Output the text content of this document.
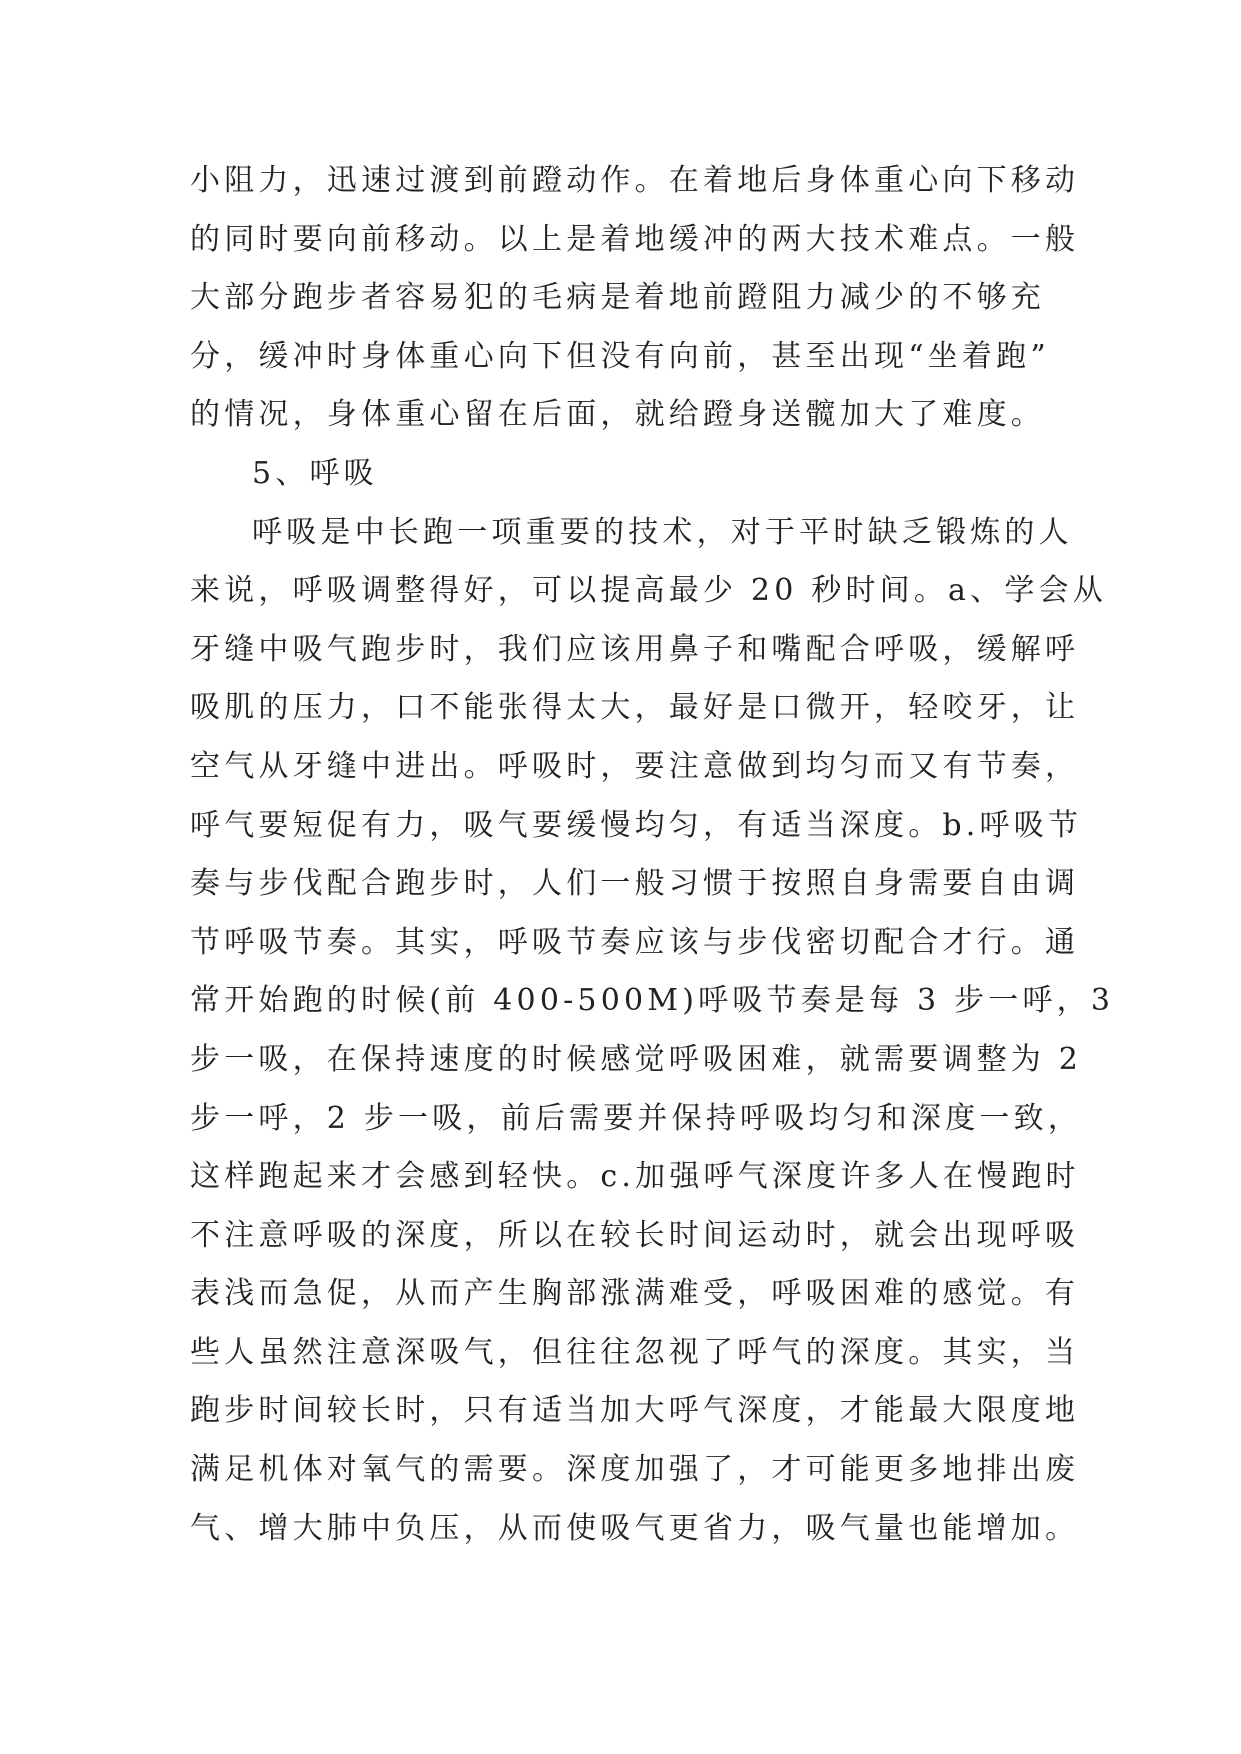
小阻力，迅速过渡到前蹬动作。在着地后身体重心向下移动
的同时要向前移动。以上是着地缓冲的两大技术难点。一般
大部分跑步者容易犯的毛病是着地前蹬阻力减少的不够充
分，缓冲时身体重心向下但没有向前，甚至出现“坐着跑”
的情况，身体重心留在后面，就给蹬身送髋加大了难度。
5、呼吸
呼吸是中长跑一项重要的技术，对于平时缺乏锻炼的人
来说，呼吸调整得好，可以提高最少 20 秒时间。a、学会从
牙缝中吸气跑步时，我们应该用鼻子和嘴配合呼吸，缓解呼
吸肌的压力，口不能张得太大，最好是口微开，轻咬牙，让
空气从牙缝中进出。呼吸时，要注意做到均匀而又有节奏，
呼气要短促有力，吸气要缓慢均匀，有适当深度。b.呼吸节
奏与步伐配合跑步时，人们一般习惯于按照自身需要自由调
节呼吸节奏。其实，呼吸节奏应该与步伐密切配合才行。通
常开始跑的时候(前 400-500M)呼吸节奏是每 3 步一呼，3
步一吸，在保持速度的时候感觉呼吸困难，就需要调整为 2
步一呼，2 步一吸，前后需要并保持呼吸均匀和深度一致，
这样跑起来才会感到轻快。c.加强呼气深度许多人在慢跑时
不注意呼吸的深度，所以在较长时间运动时，就会出现呼吸
表浅而急促，从而产生胸部涨满难受，呼吸困难的感觉。有
些人虽然注意深吸气，但往往忽视了呼气的深度。其实，当
跑步时间较长时，只有适当加大呼气深度，才能最大限度地
满足机体对氧气的需要。深度加强了，才可能更多地排出废
气、增大肺中负压，从而使吸气更省力，吸气量也能增加。
